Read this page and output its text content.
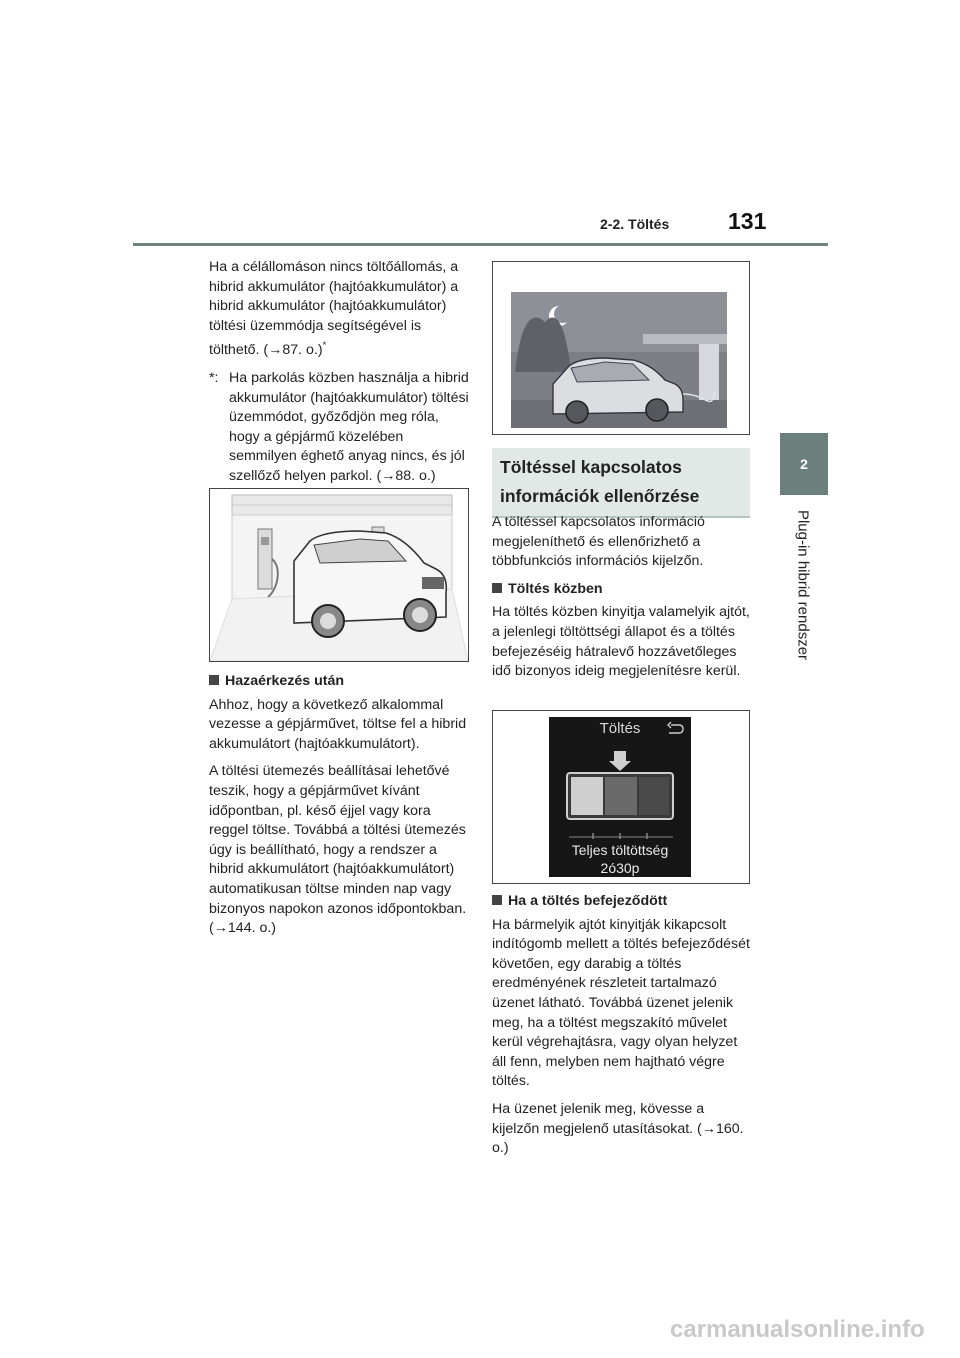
2-2. Töltés	131
2
Plug-in hibrid rendszer

Ha a célállomáson nincs töltőállomás, a hibrid akkumulátor (hajtóakkumulátor) a hibrid akkumulátor (hajtóakkumulátor) töltési üzemmódja segítségével is tölthető. (→87. o.)*

*: Ha parkolás közben használja a hibrid akkumulátor (hajtóakkumulátor) töltési üzemmódot, győződjön meg róla, hogy a gépjármű közelében semmilyen éghető anyag nincs, és jól szellőző helyen parkol. (→88. o.)
Hazaérkezés után

Ahhoz, hogy a következő alkalommal vezesse a gépjárművet, töltse fel a hibrid akkumulátort (hajtóakkumulátort).

A töltési ütemezés beállításai lehetővé teszik, hogy a gépjárművet kívánt időpontban, pl. késő éjjel vagy kora reggel töltse. Továbbá a töltési ütemezés úgy is beállítható, hogy a rendszer a hibrid akkumulátort (hajtóakkumulátort) automatikusan töltse minden nap vagy bizonyos napokon azonos időpontokban. (→144. o.)

Töltéssel kapcsolatos információk ellenőrzése

A töltéssel kapcsolatos információ megjeleníthető és ellenőrizhető a többfunkciós információs kijelzőn.

Töltés közben

Ha töltés közben kinyitja valamelyik ajtót, a jelenlegi töltöttségi állapot és a töltés befejezéséig hátralevő hozzávetőleges idő bizonyos ideig megjelenítésre kerül.

Töltés
Teljes töltöttség
2ó30p
Ha a töltés befejeződött

Ha bármelyik ajtót kinyitják kikapcsolt indítógomb mellett a töltés befejeződését követően, egy darabig a töltés eredményének részleteit tartalmazó üzenet látható. Továbbá üzenet jelenik meg, ha a töltést megszakító művelet kerül végrehajtásra, vagy olyan helyzet áll fenn, melyben nem hajtható végre töltés.

Ha üzenet jelenik meg, kövesse a kijelzőn megjelenő utasításokat. (→160. o.)

carmanualsonline.info
